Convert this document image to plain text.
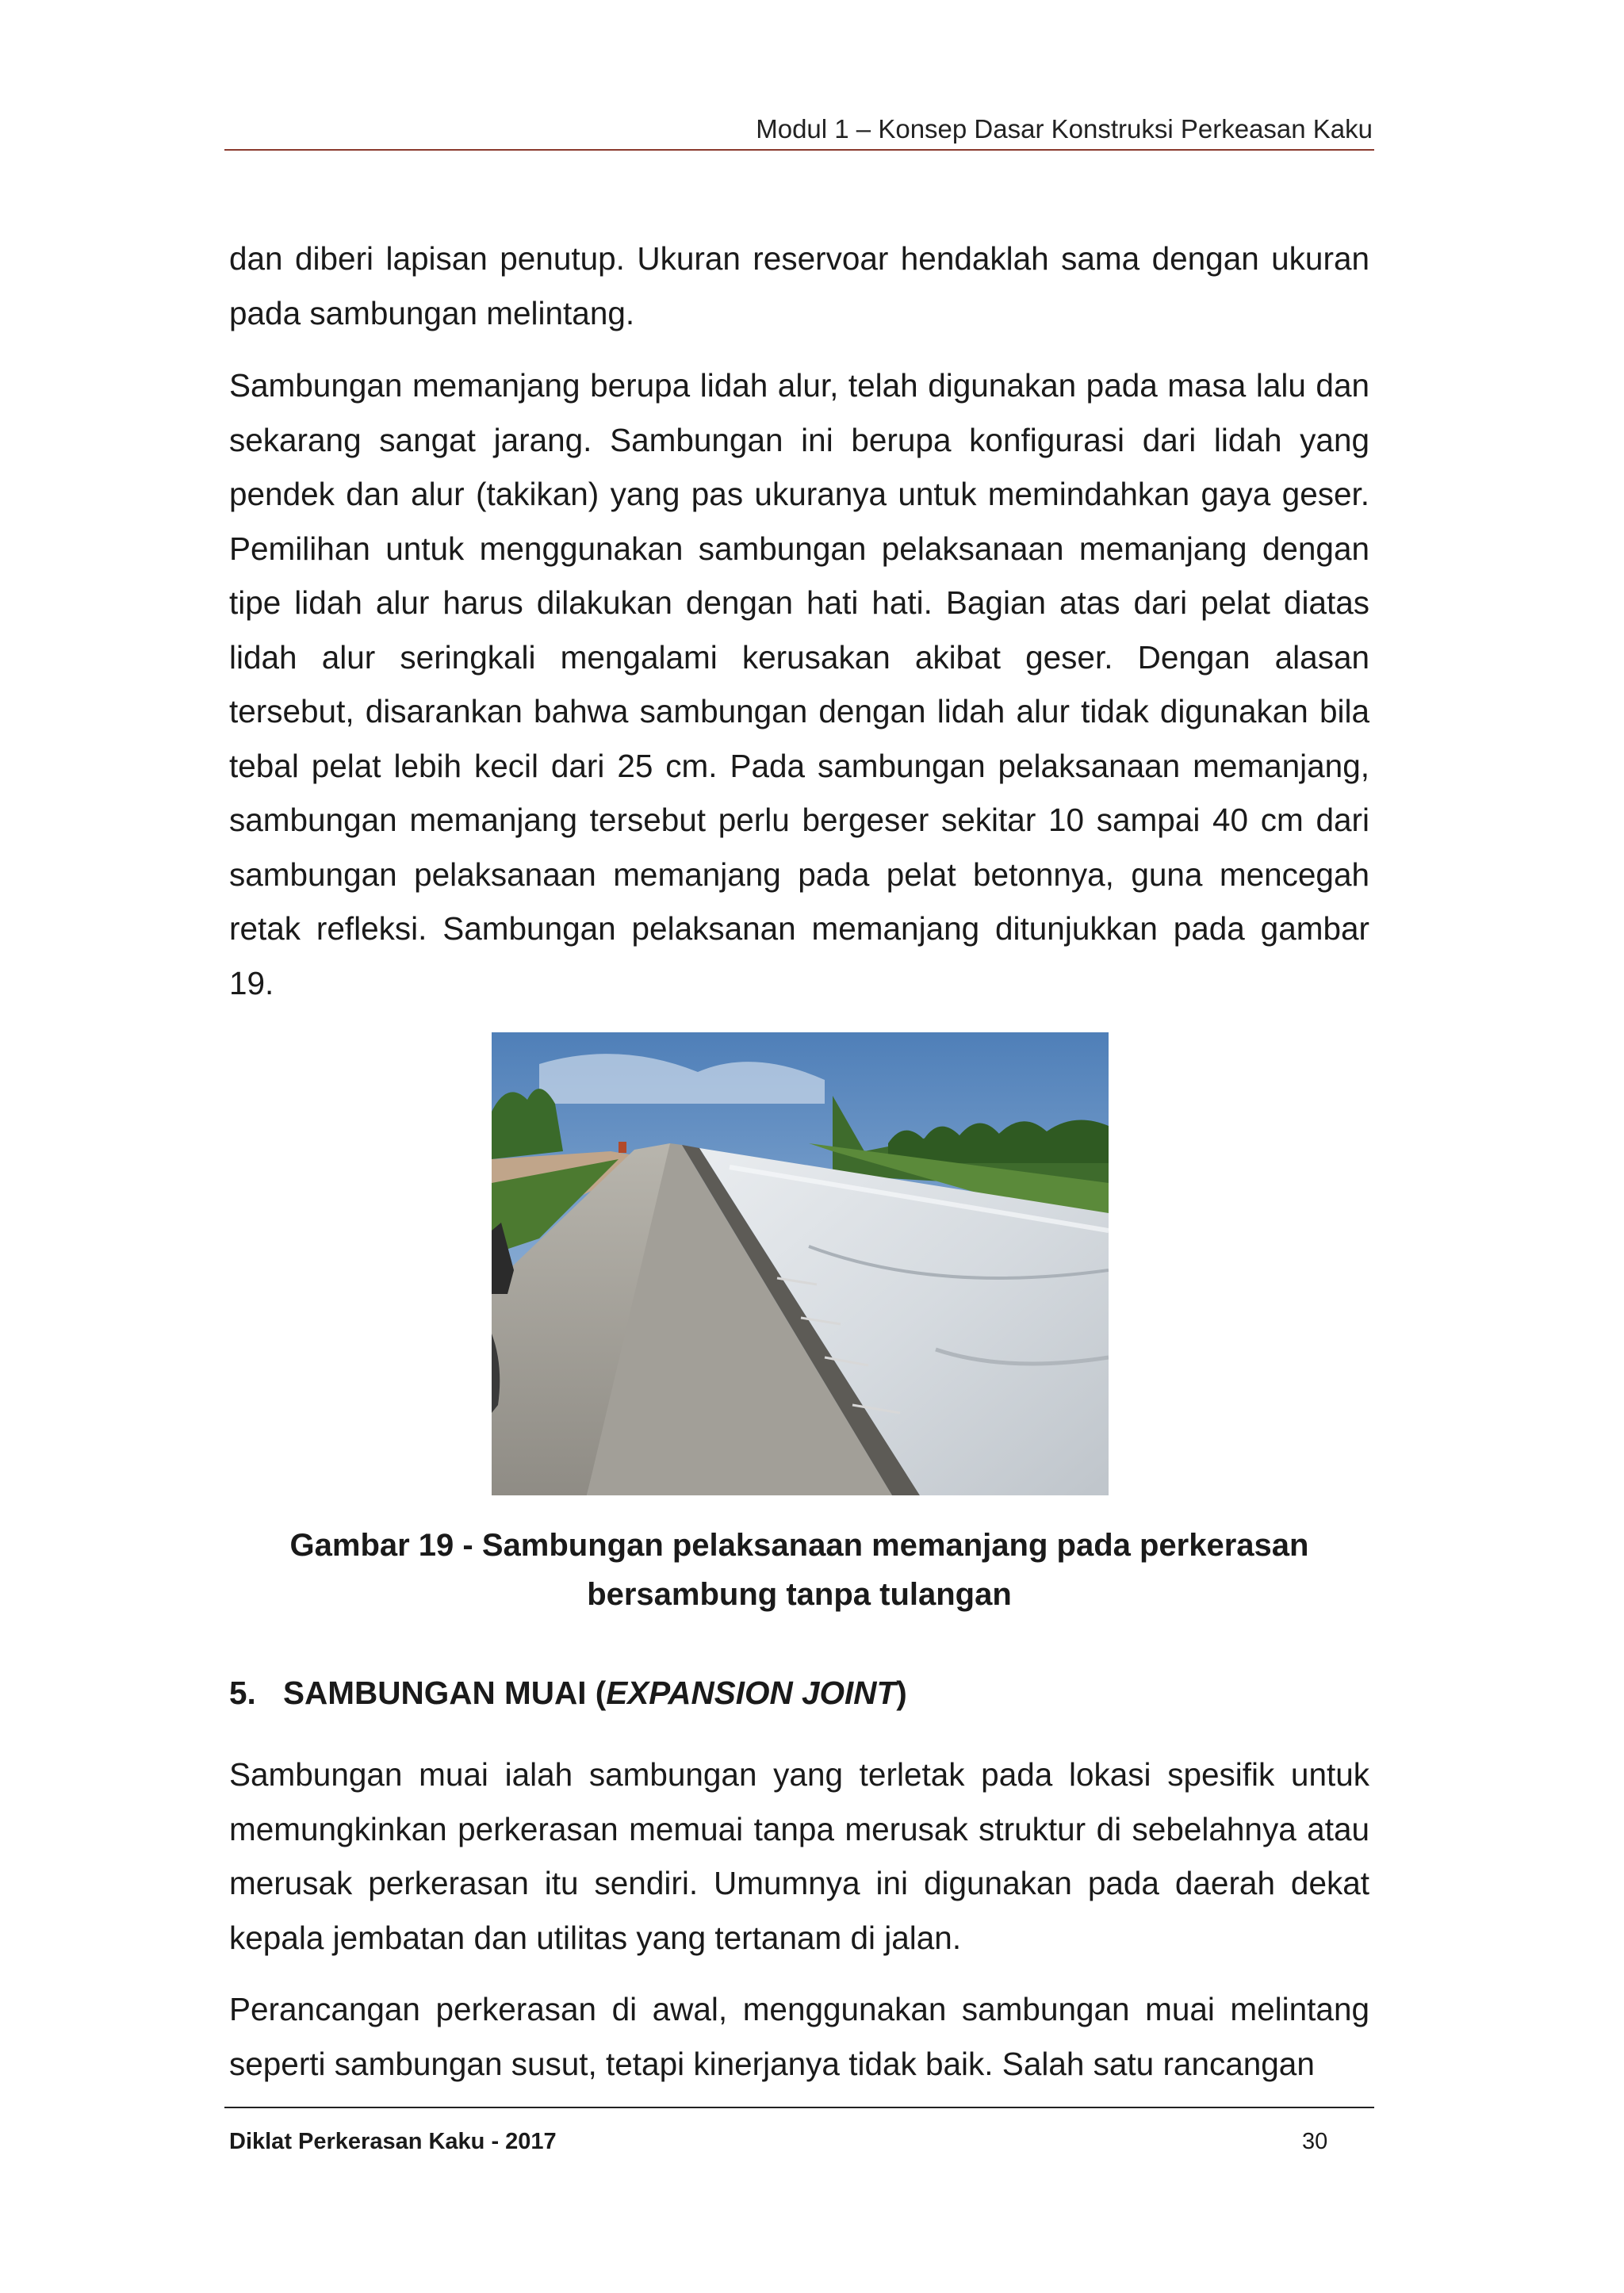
Modul 1 – Konsep Dasar Konstruksi Perkeasan Kaku

dan diberi lapisan penutup. Ukuran reservoar hendaklah sama dengan ukuran pada sambungan melintang.

Sambungan memanjang berupa lidah alur, telah digunakan pada masa lalu dan sekarang sangat jarang. Sambungan ini berupa konfigurasi dari lidah yang pendek dan alur (takikan) yang pas ukuranya untuk memindahkan gaya geser. Pemilihan untuk menggunakan sambungan pelaksanaan memanjang dengan tipe lidah alur harus dilakukan dengan hati hati. Bagian atas dari pelat diatas lidah alur seringkali mengalami kerusakan akibat geser. Dengan alasan tersebut, disarankan bahwa sambungan dengan lidah alur tidak digunakan bila tebal pelat lebih kecil dari 25 cm. Pada sambungan pelaksanaan memanjang, sambungan memanjang tersebut perlu bergeser sekitar 10 sampai 40 cm dari sambungan pelaksanaan memanjang pada pelat betonnya, guna mencegah retak refleksi. Sambungan pelaksanan memanjang ditunjukkan pada gambar 19.

Gambar 19 - Sambungan pelaksanaan memanjang pada perkerasan
bersambung tanpa tulangan
5. SAMBUNGAN MUAI (EXPANSION JOINT)

Sambungan muai ialah sambungan yang terletak pada lokasi spesifik untuk memungkinkan perkerasan memuai tanpa merusak struktur di sebelahnya atau merusak perkerasan itu sendiri. Umumnya ini digunakan pada daerah dekat kepala jembatan dan utilitas yang tertanam di jalan.

Perancangan perkerasan di awal, menggunakan sambungan muai melintang seperti sambungan susut, tetapi kinerjanya tidak baik. Salah satu rancangan

Diklat Perkerasan Kaku - 2017	30
